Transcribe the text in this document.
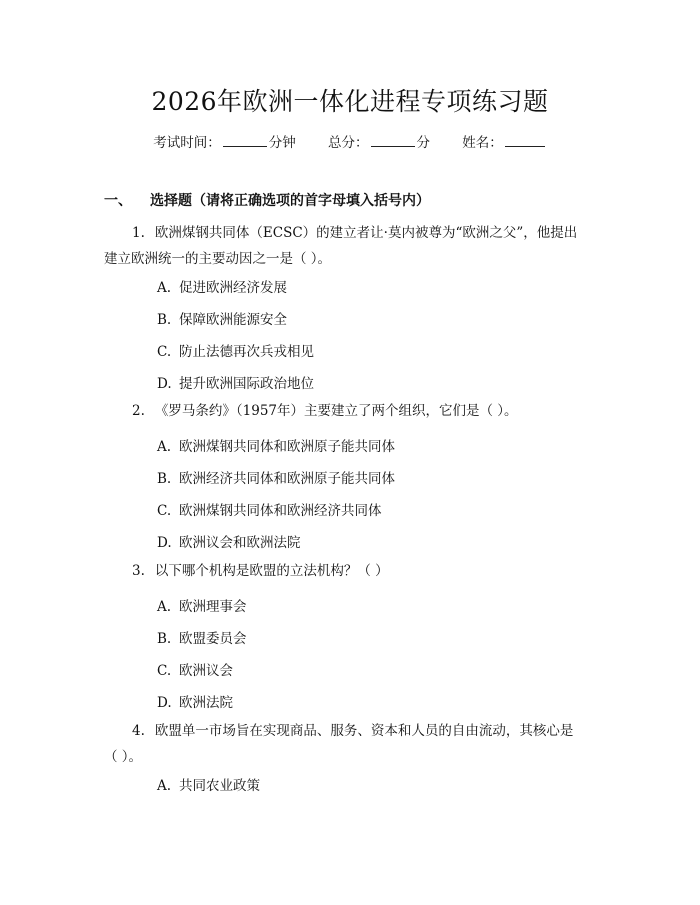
2026年欧洲一体化进程专项练习题
考试时间：	分钟 总分：	分 姓名：
一、 选择题（请将正确选项的首字母填入括号内）
1. 欧洲煤钢共同体（ECSC）的建立者让·莫内被尊为“欧洲之父”，他提出
建立欧洲统一的主要动因之一是（ ）。
A. 促进欧洲经济发展
B. 保障欧洲能源安全
C. 防止法德再次兵戎相见
D. 提升欧洲国际政治地位
2. 《罗马条约》（1957年）主要建立了两个组织，它们是（ ）。
A. 欧洲煤钢共同体和欧洲原子能共同体
B. 欧洲经济共同体和欧洲原子能共同体
C. 欧洲煤钢共同体和欧洲经济共同体
D. 欧洲议会和欧洲法院
3. 以下哪个机构是欧盟的立法机构？（ ）
A. 欧洲理事会
B. 欧盟委员会
C. 欧洲议会
D. 欧洲法院
4. 欧盟单一市场旨在实现商品、服务、资本和人员的自由流动，其核心是
（ ）。
A. 共同农业政策
